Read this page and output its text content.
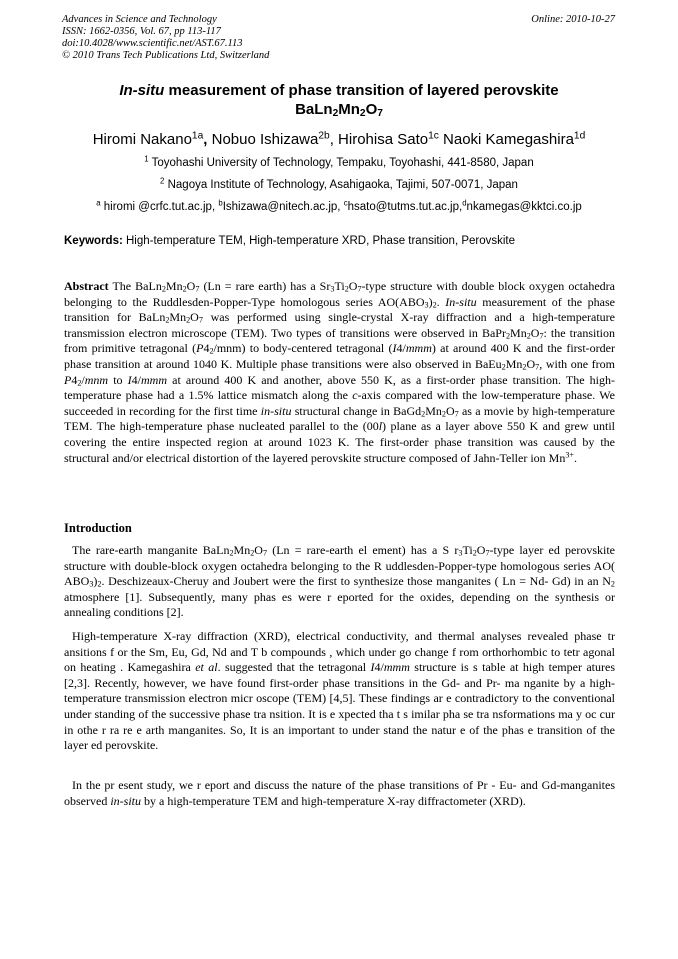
Advances in Science and Technology
ISSN: 1662-0356, Vol. 67, pp 113-117
doi:10.4028/www.scientific.net/AST.67.113
© 2010 Trans Tech Publications Ltd, Switzerland
Online: 2010-10-27
In-situ measurement of phase transition of layered perovskite
$BaLn_2Mn_2O_7$
Hiromi Nakano$^{1a}$, Nobuo Ishizawa$^{2b}$, Hirohisa Sato$^{1c}$ Naoki Kamegashira$^{1d}$
$^1$ Toyohashi University of Technology, Tempaku, Toyohashi, 441-8580, Japan
$^2$ Nagoya Institute of Technology, Asahigaoka, Tajimi, 507-0071, Japan
$^a$ hiromi @crfc.tut.ac.jp, $^b$Ishizawa@nitech.ac.jp, $^c$hsato@tutms.tut.ac.jp,$^d$nkamegas@kktci.co.jp
Keywords: High-temperature TEM, High-temperature XRD, Phase transition, Perovskite
Abstract The $BaLn_2Mn_2O_7$ (Ln = rare earth) has a $Sr_3Ti_2O_7$-type structure with double block oxygen octahedra belonging to the Ruddlesden-Popper-Type homologous series $AO(ABO_3)_2$. In-situ measurement of the phase transition for $BaLn_2Mn_2O_7$ was performed using single-crystal X-ray diffraction and a high-temperature transmission electron microscope (TEM). Two types of transitions were observed in $BaPr_2Mn_2O_7$: the transition from primitive tetragonal $(P4_2/mnm)$ to body-centered tetragonal (I4/mmm) at around 400 K and the first-order phase transition at around 1040 K. Multiple phase transitions were also observed in $BaEu_2Mn_2O_7$, with one from $P4_2$/mnm to I4/mmm at around 400 K and another, above 550 K, as a first-order phase transition. The high-temperature phase had a 1.5% lattice mismatch along the c-axis compared with the low-temperature phase. We succeeded in recording for the first time in-situ structural change in $BaGd_2Mn_2O_7$ as a movie by high-temperature TEM. The high-temperature phase nucleated parallel to the (00l) plane as a layer above 550 K and grew until covering the entire inspected region at around 1023 K. The first-order phase transition was caused by the structural and/or electrical distortion of the layered perovskite structure composed of Jahn-Teller ion $Mn^{3+}$.
Introduction
The rare-earth manganite $BaLn_2Mn_2O_7$ (Ln = rare-earth el ement) has a S $r_3Ti_2O_7$-type layer ed perovskite structure with double-block oxygen octahedra belonging to the R uddlesden-Popper-type homologous series AO( $ABO_3)_2$. Deschizeaux-Cheruy and Joubert were the first to synthesize those manganites ( Ln = Nd- Gd) in an $N_2$ atmosphere [1]. Subsequently, many phas es were r eported for the oxides, depending on the synthesis or annealing conditions [2].
High-temperature X-ray diffraction (XRD), electrical conductivity, and thermal analyses revealed phase tr ansitions f or the Sm, Eu, Gd, Nd and T b compounds , which under go change f rom orthorhombic to tetr agonal on heating . Kamegashira et al. suggested that the tetragonal I4/mmm structure is s table at high temper atures [2,3]. Recently, however, we have found first-order phase transitions in the Gd- and Pr- ma nganite by a high-temperature transmission electron micr oscope (TEM) [4,5]. These findings ar e contradictory to the conventional under standing of the successive phase tra nsition. It is e xpected tha t s imilar pha se tra nsformations ma y oc cur in othe r ra re e arth manganites. So, It is an important to under stand the natur e of the phas e transition of the layer ed perovskite.
In the pr esent study, we r eport and discuss the nature of the phase transitions of Pr - Eu- and Gd-manganites observed in-situ by a high-temperature TEM and high-temperature X-ray diffractometer (XRD).
